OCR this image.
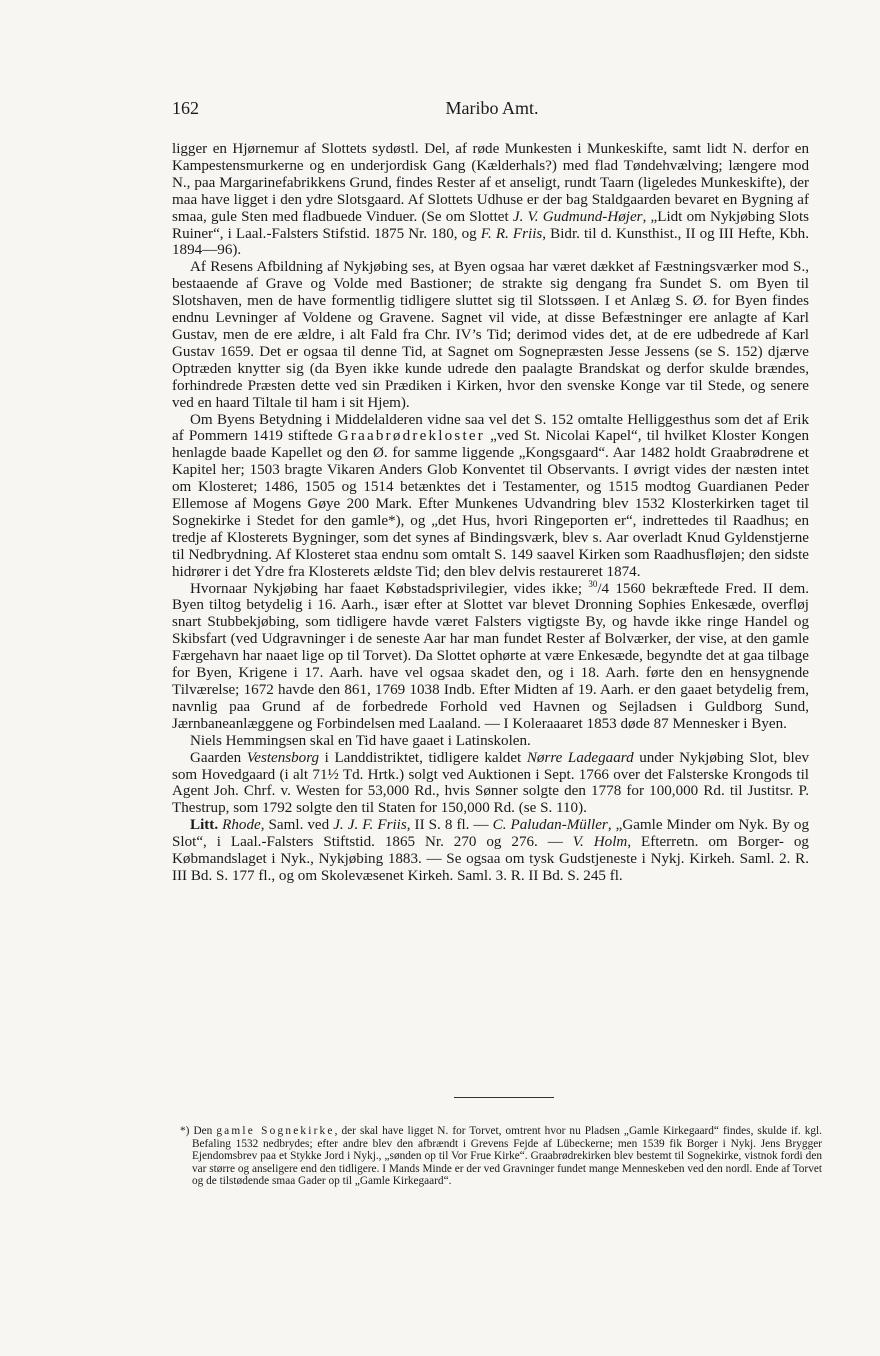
162	Maribo Amt.

ligger en Hjørnemur af Slottets sydøstl. Del, af røde Munkesten i Munkeskifte, samt lidt N. derfor en Kampestensmurkerne og en underjordisk Gang (Kælderhals?) med flad Tøndehvælving; længere mod N., paa Margarinefabrikkens Grund, findes Rester af et anseligt, rundt Taarn (ligeledes Munkeskifte), der maa have ligget i den ydre Slotsgaard. Af Slottets Udhuse er der bag Staldgaarden bevaret en Bygning af smaa, gule Sten med fladbuede Vinduer. (Se om Slottet J. V. Gudmund-Højer, „Lidt om Nykjøbing Slots Ruiner“, i Laal.-Falsters Stifstid. 1875 Nr. 180, og F. R. Friis, Bidr. til d. Kunsthist., II og III Hefte, Kbh. 1894—96).

Af Resens Afbildning af Nykjøbing ses, at Byen ogsaa har været dækket af Fæstningsværker mod S., bestaaende af Grave og Volde med Bastioner; de strakte sig dengang fra Sundet S. om Byen til Slotshaven, men de have formentlig tidligere sluttet sig til Slotssøen. I et Anlæg S. Ø. for Byen findes endnu Levninger af Voldene og Gravene. Sagnet vil vide, at disse Befæstninger ere anlagte af Karl Gustav, men de ere ældre, i alt Fald fra Chr. IV’s Tid; derimod vides det, at de ere udbedrede af Karl Gustav 1659. Det er ogsaa til denne Tid, at Sagnet om Sognepræsten Jesse Jessens (se S. 152) djærve Optræden knytter sig (da Byen ikke kunde udrede den paalagte Brandskat og derfor skulde brændes, forhindrede Præsten dette ved sin Prædiken i Kirken, hvor den svenske Konge var til Stede, og senere ved en haard Tiltale til ham i sit Hjem).

Om Byens Betydning i Middelalderen vidne saa vel det S. 152 omtalte Helliggesthus som det af Erik af Pommern 1419 stiftede Graabrødrekloster „ved St. Nicolai Kapel“, til hvilket Kloster Kongen henlagde baade Kapellet og den Ø. for samme liggende „Kongsgaard“. Aar 1482 holdt Graabrødrene et Kapitel her; 1503 bragte Vikaren Anders Glob Konventet til Observants. I øvrigt vides der næsten intet om Klosteret; 1486, 1505 og 1514 betænktes det i Testamenter, og 1515 modtog Guardianen Peder Ellemose af Mogens Gøye 200 Mark. Efter Munkenes Udvandring blev 1532 Klosterkirken taget til Sognekirke i Stedet for den gamle*), og „det Hus, hvori Ringeporten er“, indrettedes til Raadhus; en tredje af Klosterets Bygninger, som det synes af Bindingsværk, blev s. Aar overladt Knud Gyldenstjerne til Nedbrydning. Af Klosteret staa endnu som omtalt S. 149 saavel Kirken som Raadhusfløjen; den sidste hidrører i det Ydre fra Klosterets ældste Tid; den blev delvis restaureret 1874.

Hvornaar Nykjøbing har faaet Købstadsprivilegier, vides ikke; $^{30}$/4 1560 bekræftede Fred. II dem. Byen tiltog betydelig i 16. Aarh., især efter at Slottet var blevet Dronning Sophies Enkesæde, overfløj snart Stubbekjøbing, som tidligere havde været Falsters vigtigste By, og havde ikke ringe Handel og Skibsfart (ved Udgravninger i de seneste Aar har man fundet Rester af Bolværker, der vise, at den gamle Færgehavn har naaet lige op til Torvet). Da Slottet ophørte at være Enkesæde, begyndte det at gaa tilbage for Byen, Krigene i 17. Aarh. have vel ogsaa skadet den, og i 18. Aarh. førte den en hensygnende Tilværelse; 1672 havde den 861, 1769 1038 Indb. Efter Midten af 19. Aarh. er den gaaet betydelig frem, navnlig paa Grund af de forbedrede Forhold ved Havnen og Sejladsen i Guldborg Sund, Jærnbaneanlæggene og Forbindelsen med Laaland. — I Koleraaaret 1853 døde 87 Mennesker i Byen.

Niels Hemmingsen skal en Tid have gaaet i Latinskolen.

Gaarden Vestensborg i Landdistriktet, tidligere kaldet Nørre Ladegaard under Nykjøbing Slot, blev som Hovedgaard (i alt 71½ Td. Hrtk.) solgt ved Auktionen i Sept. 1766 over det Falsterske Krongods til Agent Joh. Chrf. v. Westen for 53,000 Rd., hvis Sønner solgte den 1778 for 100,000 Rd. til Justitsr. P. Thestrup, som 1792 solgte den til Staten for 150,000 Rd. (se S. 110).

Litt. Rhode, Saml. ved J. J. F. Friis, II S. 8 fl. — C. Paludan-Müller, „Gamle Minder om Nyk. By og Slot“, i Laal.-Falsters Stiftstid. 1865 Nr. 270 og 276. — V. Holm, Efterretn. om Borger- og Købmandslaget i Nyk., Nykjøbing 1883. — Se ogsaa om tysk Gudstjeneste i Nykj. Kirkeh. Saml. 2. R. III Bd. S. 177 fl., og om Skolevæsenet Kirkeh. Saml. 3. R. II Bd. S. 245 fl.

*) Den gamle Sognekirke, der skal have ligget N. for Torvet, omtrent hvor nu Pladsen „Gamle Kirkegaard“ findes, skulde if. kgl. Befaling 1532 nedbrydes; efter andre blev den afbrændt i Grevens Fejde af Lübeckerne; men 1539 fik Borger i Nykj. Jens Brygger Ejendomsbrev paa et Stykke Jord i Nykj., „sønden op til Vor Frue Kirke“. Graabrødrekirken blev bestemt til Sognekirke, vistnok fordi den var større og anseligere end den tidligere. I Mands Minde er der ved Gravninger fundet mange Menneskeben ved den nordl. Ende af Torvet og de tilstødende smaa Gader op til „Gamle Kirkegaard“.
